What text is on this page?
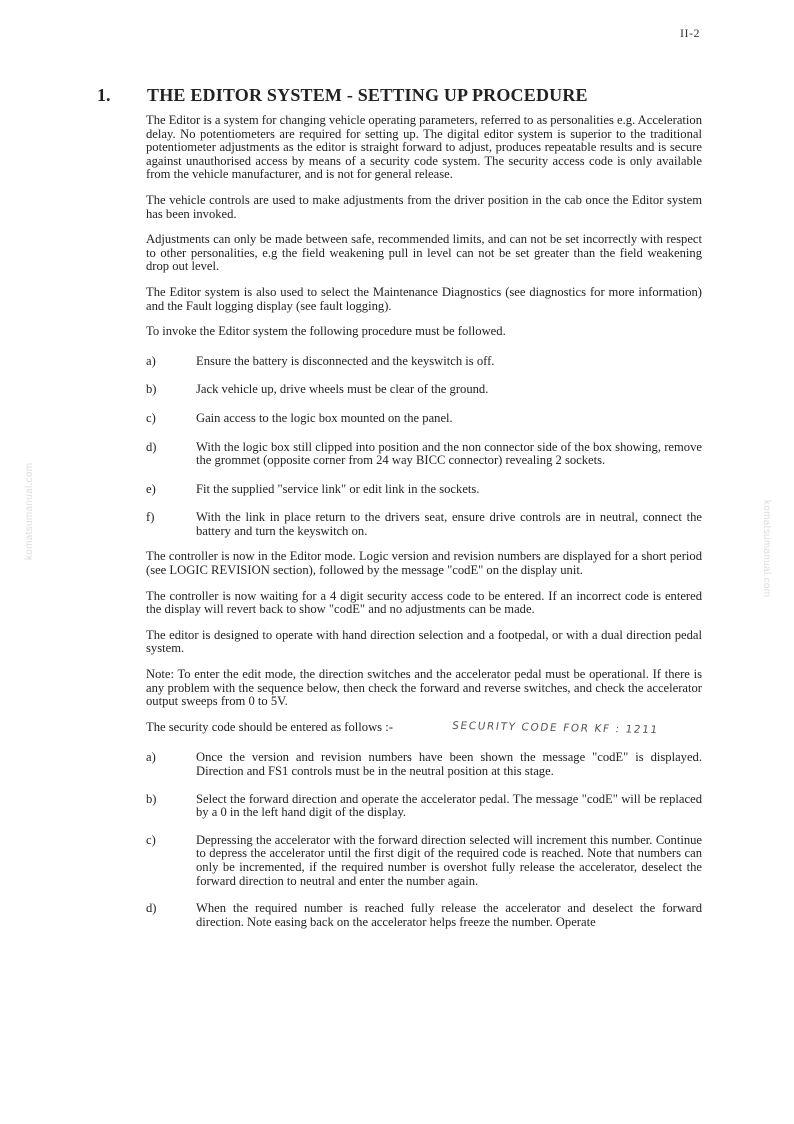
II-2
komatsumanual.com	komatsumanual.com
1. THE EDITOR SYSTEM - SETTING UP PROCEDURE

The Editor is a system for changing vehicle operating parameters, referred to as personalities e.g. Acceleration delay. No potentiometers are required for setting up. The digital editor system is superior to the traditional potentiometer adjustments as the editor is straight forward to adjust, produces repeatable results and is secure against unauthorised access by means of a security code system. The security access code is only available from the vehicle manufacturer, and is not for general release.

The vehicle controls are used to make adjustments from the driver position in the cab once the Editor system has been invoked.

Adjustments can only be made between safe, recommended limits, and can not be set incorrectly with respect to other personalities, e.g the field weakening pull in level can not be set greater than the field weakening drop out level.

The Editor system is also used to select the Maintenance Diagnostics (see diagnostics for more information) and the Fault logging display (see fault logging).

To invoke the Editor system the following procedure must be followed.

a)	Ensure the battery is disconnected and the keyswitch is off.
b)	Jack vehicle up, drive wheels must be clear of the ground.
c)	Gain access to the logic box mounted on the panel.
d)	With the logic box still clipped into position and the non connector side of the box showing, remove the grommet (opposite corner from 24 way BICC connector) revealing 2 sockets.
e)	Fit the supplied "service link" or edit link in the sockets.
f)	With the link in place return to the drivers seat, ensure drive controls are in neutral, connect the battery and turn the keyswitch on.

The controller is now in the Editor mode. Logic version and revision numbers are displayed for a short period (see LOGIC REVISION section), followed by the message "codE" on the display unit.

The controller is now waiting for a 4 digit security access code to be entered. If an incorrect code is entered the display will revert back to show "codE" and no adjustments can be made.

The editor is designed to operate with hand direction selection and a footpedal, or with a dual direction pedal system.

Note: To enter the edit mode, the direction switches and the accelerator pedal must be operational. If there is any problem with the sequence below, then check the forward and reverse switches, and check the accelerator output sweeps from 0 to 5V.

The security code should be entered as follows :-	SECURITY CODE FOR KF : 1211

a)	Once the version and revision numbers have been shown the message "codE" is displayed. Direction and FS1 controls must be in the neutral position at this stage.
b)	Select the forward direction and operate the accelerator pedal. The message "codE" will be replaced by a 0 in the left hand digit of the display.
c)	Depressing the accelerator with the forward direction selected will increment this number. Continue to depress the accelerator until the first digit of the required code is reached. Note that numbers can only be incremented, if the required number is overshot fully release the accelerator, deselect the forward direction to neutral and enter the number again.
d)	When the required number is reached fully release the accelerator and deselect the forward direction. Note easing back on the accelerator helps freeze the number. Operate
